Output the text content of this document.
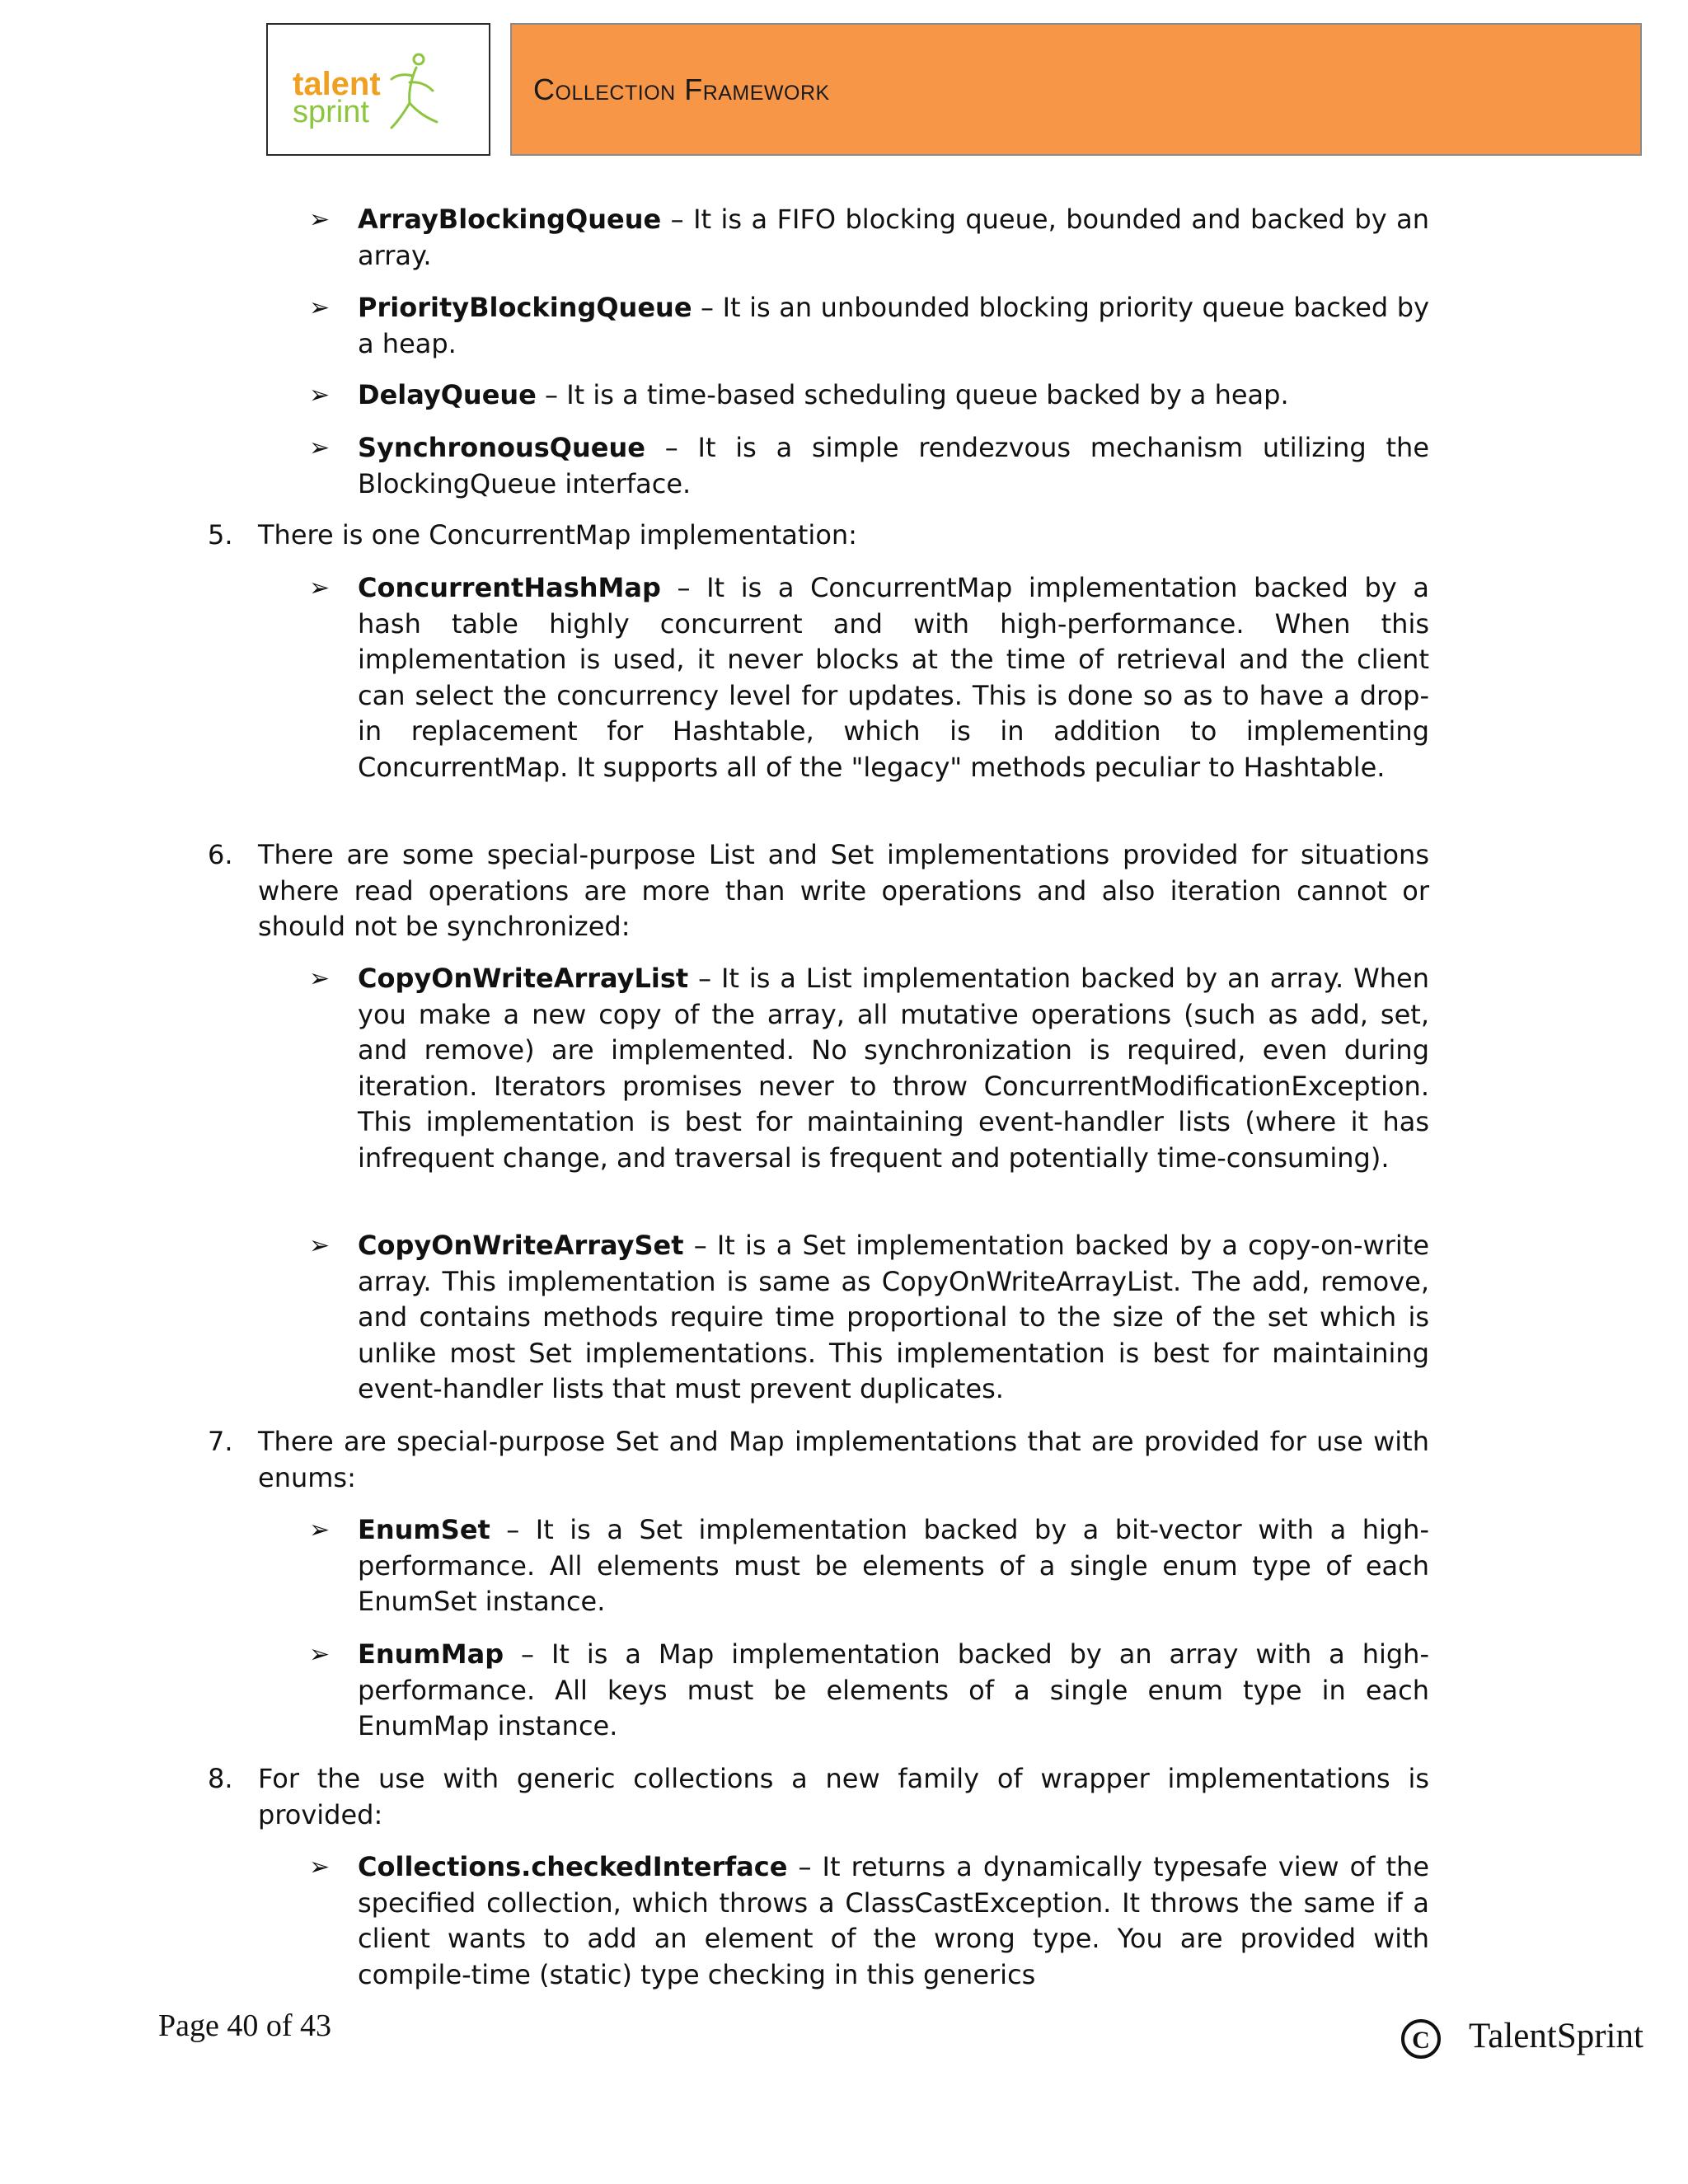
talent
sprint
Collection Framework
➢ ArrayBlockingQueue – It is a FIFO blocking queue, bounded and backed by an array.
➢ PriorityBlockingQueue – It is an unbounded blocking priority queue backed by a heap.
➢ DelayQueue – It is a time-based scheduling queue backed by a heap.
➢ SynchronousQueue – It is a simple rendezvous mechanism utilizing the BlockingQueue interface.
5. There is one ConcurrentMap implementation:
➢ ConcurrentHashMap – It is a ConcurrentMap implementation backed by a hash table highly concurrent and with high-performance. When this implementation is used, it never blocks at the time of retrieval and the client can select the concurrency level for updates. This is done so as to have a drop-in replacement for Hashtable, which is in addition to implementing ConcurrentMap. It supports all of the "legacy" methods peculiar to Hashtable.
6. There are some special-purpose List and Set implementations provided for situations where read operations are more than write operations and also iteration cannot or should not be synchronized:
➢ CopyOnWriteArrayList – It is a List implementation backed by an array. When you make a new copy of the array, all mutative operations (such as add, set, and remove) are implemented. No synchronization is required, even during iteration. Iterators promises never to throw ConcurrentModificationException. This implementation is best for maintaining event-handler lists (where it has infrequent change, and traversal is frequent and potentially time-consuming).
➢ CopyOnWriteArraySet – It is a Set implementation backed by a copy-on-write array. This implementation is same as CopyOnWriteArrayList. The add, remove, and contains methods require time proportional to the size of the set which is unlike most Set implementations. This implementation is best for maintaining event-handler lists that must prevent duplicates.
7. There are special-purpose Set and Map implementations that are provided for use with enums:
➢ EnumSet – It is a Set implementation backed by a bit-vector with a high-performance. All elements must be elements of a single enum type of each EnumSet instance.
➢ EnumMap – It is a Map implementation backed by an array with a high-performance. All keys must be elements of a single enum type in each EnumMap instance.
8. For the use with generic collections a new family of wrapper implementations is provided:
➢ Collections.checkedInterface – It returns a dynamically typesafe view of the specified collection, which throws a ClassCastException. It throws the same if a client wants to add an element of the wrong type. You are provided with compile-time (static) type checking in this generics
Page 40 of 43	C TalentSprint
